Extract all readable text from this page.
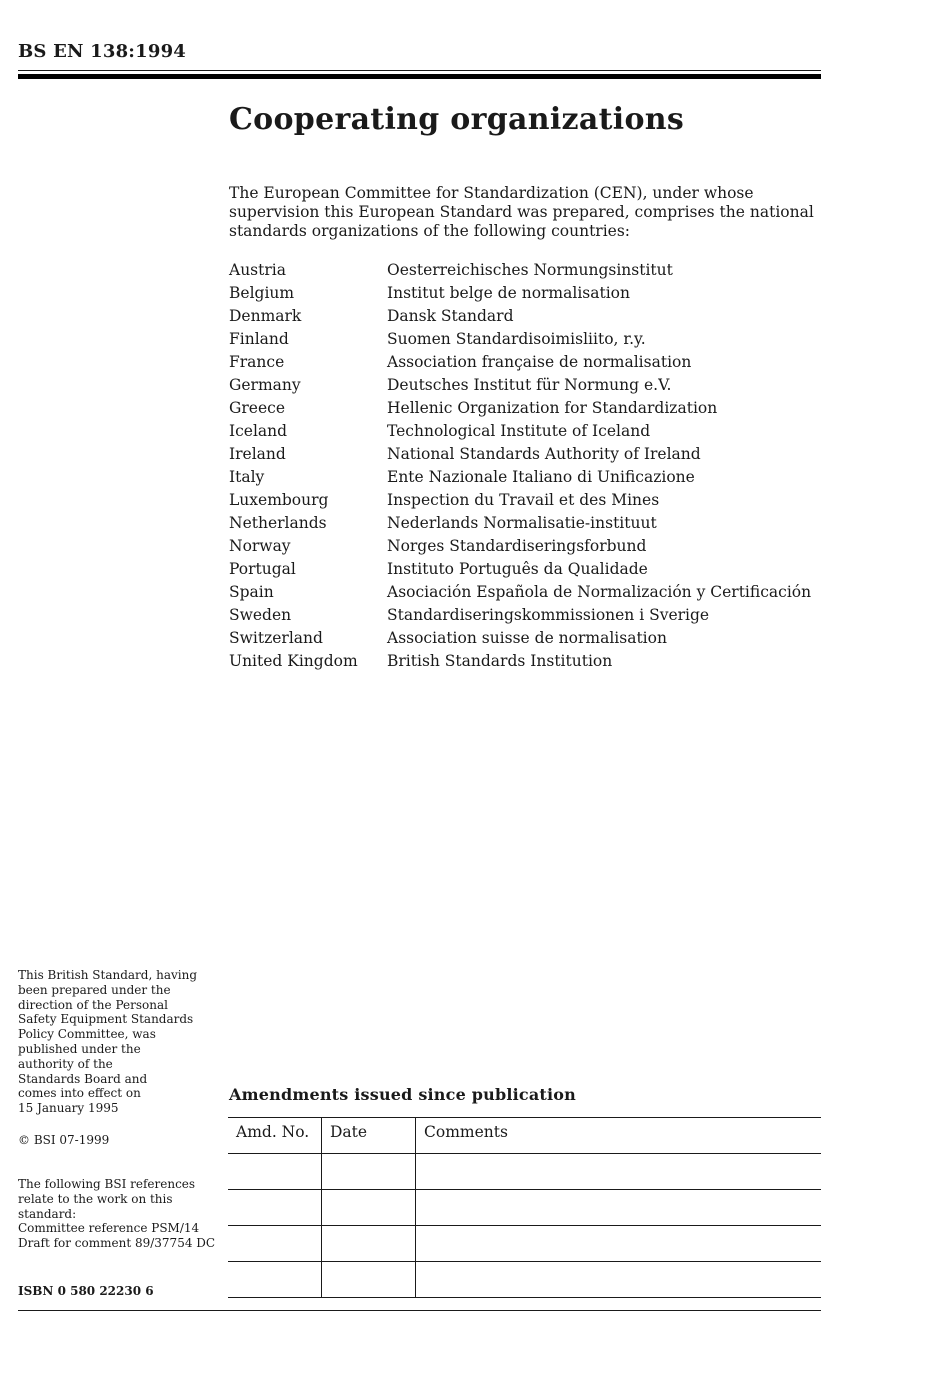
BS EN 138:1994
Cooperating organizations

The European Committee for Standardization (CEN), under whose supervision this European Standard was prepared, comprises the national standards organizations of the following countries:

Austria	Oesterreichisches Normungsinstitut
Belgium	Institut belge de normalisation
Denmark	Dansk Standard
Finland	Suomen Standardisoimisliito, r.y.
France	Association française de normalisation
Germany	Deutsches Institut für Normung e.V.
Greece	Hellenic Organization for Standardization
Iceland	Technological Institute of Iceland
Ireland	National Standards Authority of Ireland
Italy	Ente Nazionale Italiano di Unificazione
Luxembourg	Inspection du Travail et des Mines
Netherlands	Nederlands Normalisatie-instituut
Norway	Norges Standardiseringsforbund
Portugal	Instituto Português da Qualidade
Spain	Asociación Española de Normalización y Certificación
Sweden	Standardiseringskommissionen i Sverige
Switzerland	Association suisse de normalisation
United Kingdom	British Standards Institution
This British Standard, having
been prepared under the
direction of the Personal
Safety Equipment Standards
Policy Committee, was
published under the
authority of the
Standards Board and
comes into effect on
15 January 1995
© BSI 07-1999
The following BSI references
relate to the work on this
standard:
Committee reference PSM/14
Draft for comment 89/37754 DC
ISBN 0 580 22230 6
Amendments issued since publication
Amd. No.	Date	Comments
